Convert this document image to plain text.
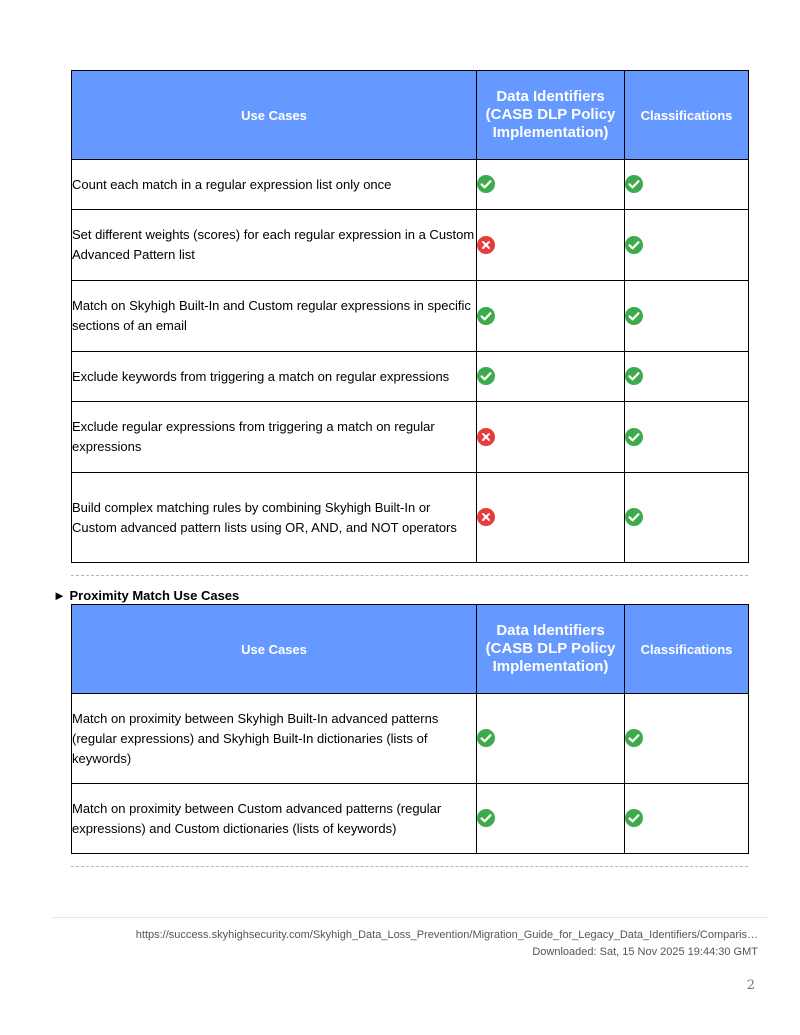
Use Cases	Data Identifiers (CASB DLP Policy Implementation)	Classifications
Count each match in a regular expression list only once	

Set different weights (scores) for each regular expression in a Custom Advanced Pattern list	

Match on Skyhigh Built-In and Custom regular expressions in specific sections of an email	

Exclude keywords from triggering a match on regular expressions	

Exclude regular expressions from triggering a match on regular expressions	

Build complex matching rules by combining Skyhigh Built-In or Custom advanced pattern lists using OR, AND, and NOT operators	

► Proximity Match Use Cases
Use Cases	Data Identifiers (CASB DLP Policy Implementation)	Classifications
Match on proximity between Skyhigh Built-In advanced patterns (regular expressions) and Skyhigh Built-In dictionaries (lists of keywords)	

Match on proximity between Custom advanced patterns (regular expressions) and Custom dictionaries (lists of keywords)	

https://success.skyhighsecurity.com/Skyhigh_Data_Loss_Prevention/Migration_Guide_for_Legacy_Data_Identifiers/Comparis…
Downloaded: Sat, 15 Nov 2025 19:44:30 GMT
2
